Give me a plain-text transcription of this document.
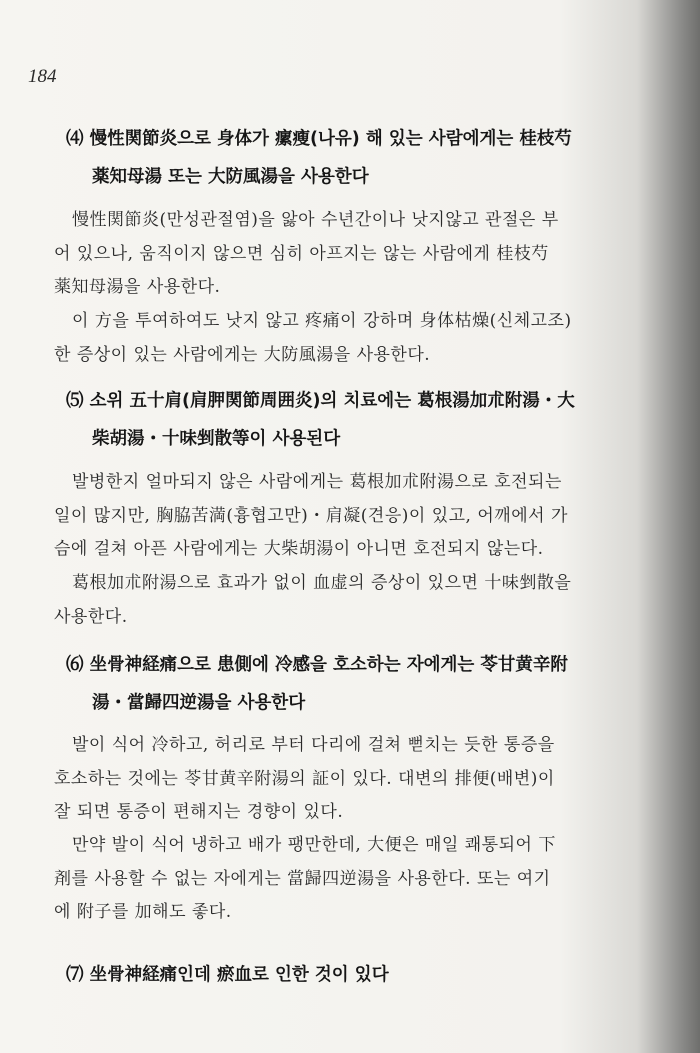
184
⑷ 慢性関節炎으로 身体가 瘰瘦(나유) 해 있는 사람에게는 桂枝芍
薬知母湯 또는 大防風湯을 사용한다
慢性関節炎(만성관절염)을 앓아 수년간이나 낫지않고 관절은 부
어 있으나, 움직이지 않으면 심히 아프지는 않는 사람에게 桂枝芍
薬知母湯을 사용한다.
이 方을 투여하여도 낫지 않고 疼痛이 강하며 身体枯燥(신체고조)
한 증상이 있는 사람에게는 大防風湯을 사용한다.
⑸ 소위 五十肩(肩胛関節周囲炎)의 치료에는 葛根湯加朮附湯・大
柴胡湯・十味剉散等이 사용된다
발병한지 얼마되지 않은 사람에게는 葛根加朮附湯으로 호전되는
일이 많지만, 胸脇苦満(흉협고만)・肩凝(견응)이 있고, 어깨에서 가
슴에 걸쳐 아픈 사람에게는 大柴胡湯이 아니면 호전되지 않는다.
葛根加朮附湯으로 효과가 없이 血虚의 증상이 있으면 十味剉散을
사용한다.
⑹ 坐骨神経痛으로 患側에 冷感을 호소하는 자에게는 苓甘黄辛附
湯・當歸四逆湯을 사용한다
발이 식어 冷하고, 허리로 부터 다리에 걸쳐 뻗치는 듯한 통증을
호소하는 것에는 苓甘黄辛附湯의 証이 있다. 대변의 排便(배변)이
잘 되면 통증이 편해지는 경향이 있다.
만약 발이 식어 냉하고 배가 팽만한데, 大便은 매일 쾌통되어 下
剤를 사용할 수 없는 자에게는 當歸四逆湯을 사용한다. 또는 여기
에 附子를 加해도 좋다.
⑺ 坐骨神経痛인데 瘀血로 인한 것이 있다
